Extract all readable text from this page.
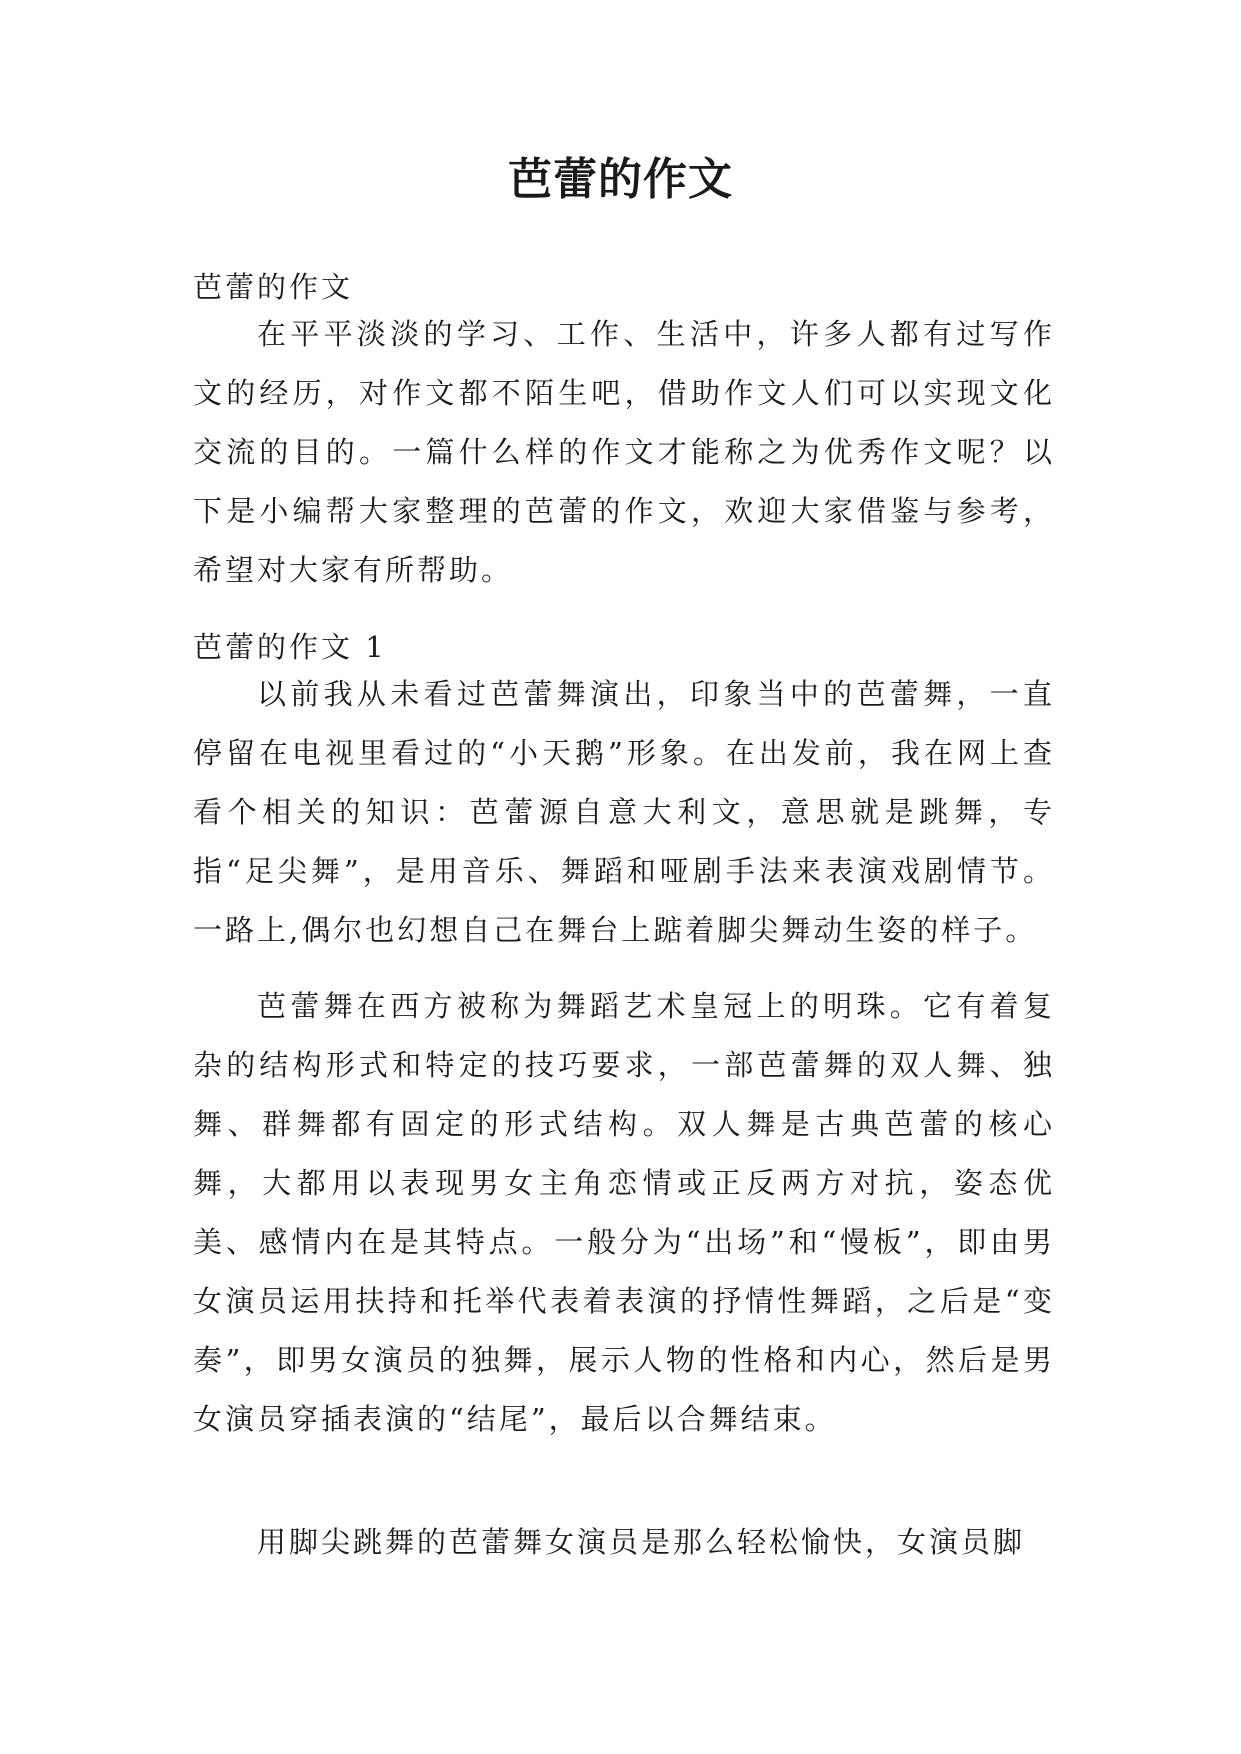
芭蕾的作文

芭蕾的作文

在平平淡淡的学习、工作、生活中，许多人都有过写作文的经历，对作文都不陌生吧，借助作文人们可以实现文化交流的目的。一篇什么样的作文才能称之为优秀作文呢？以下是小编帮大家整理的芭蕾的作文，欢迎大家借鉴与参考，希望对大家有所帮助。

芭蕾的作文 1

以前我从未看过芭蕾舞演出，印象当中的芭蕾舞，一直停留在电视里看过的“小天鹅”形象。在出发前，我在网上查看个相关的知识：芭蕾源自意大利文，意思就是跳舞，专指“足尖舞”，是用音乐、舞蹈和哑剧手法来表演戏剧情节。一路上,偶尔也幻想自己在舞台上踮着脚尖舞动生姿的样子。

芭蕾舞在西方被称为舞蹈艺术皇冠上的明珠。它有着复杂的结构形式和特定的技巧要求，一部芭蕾舞的双人舞、独舞、群舞都有固定的形式结构。双人舞是古典芭蕾的核心舞，大都用以表现男女主角恋情或正反两方对抗，姿态优美、感情内在是其特点。一般分为“出场”和“慢板”，即由男女演员运用扶持和托举代表着表演的抒情性舞蹈，之后是“变奏”，即男女演员的独舞，展示人物的性格和内心，然后是男女演员穿插表演的“结尾”，最后以合舞结束。

用脚尖跳舞的芭蕾舞女演员是那么轻松愉快，女演员脚
